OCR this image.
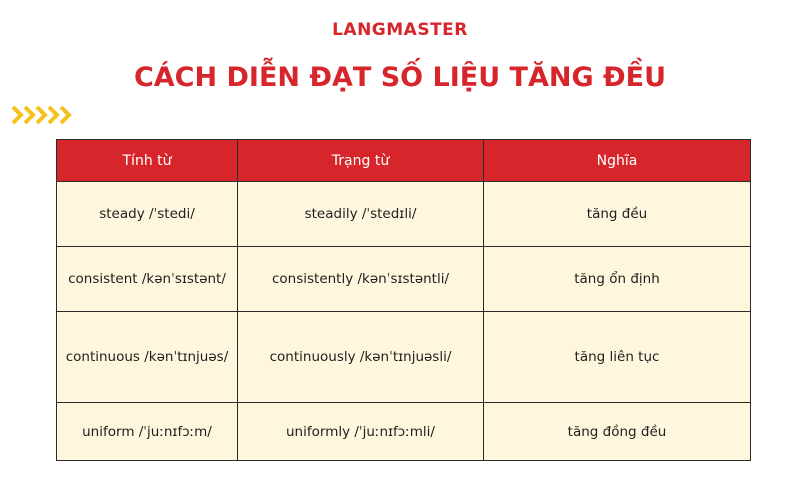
LANGMASTER
CÁCH DIỄN ĐẠT SỐ LIỆU TĂNG ĐỀU
Tính từ	Trạng từ	Nghĩa
steady /ˈstedi/	steadily /ˈstedɪli/	tăng đều
consistent /kənˈsɪstənt/	consistently /kənˈsɪstəntli/	tăng ổn định
continuous /kənˈtɪnjuəs/	continuously /kənˈtɪnjuəsli/	tăng liên tục
uniform /ˈjuːnɪfɔːm/	uniformly /ˈjuːnɪfɔːmli/	tăng đồng đều
